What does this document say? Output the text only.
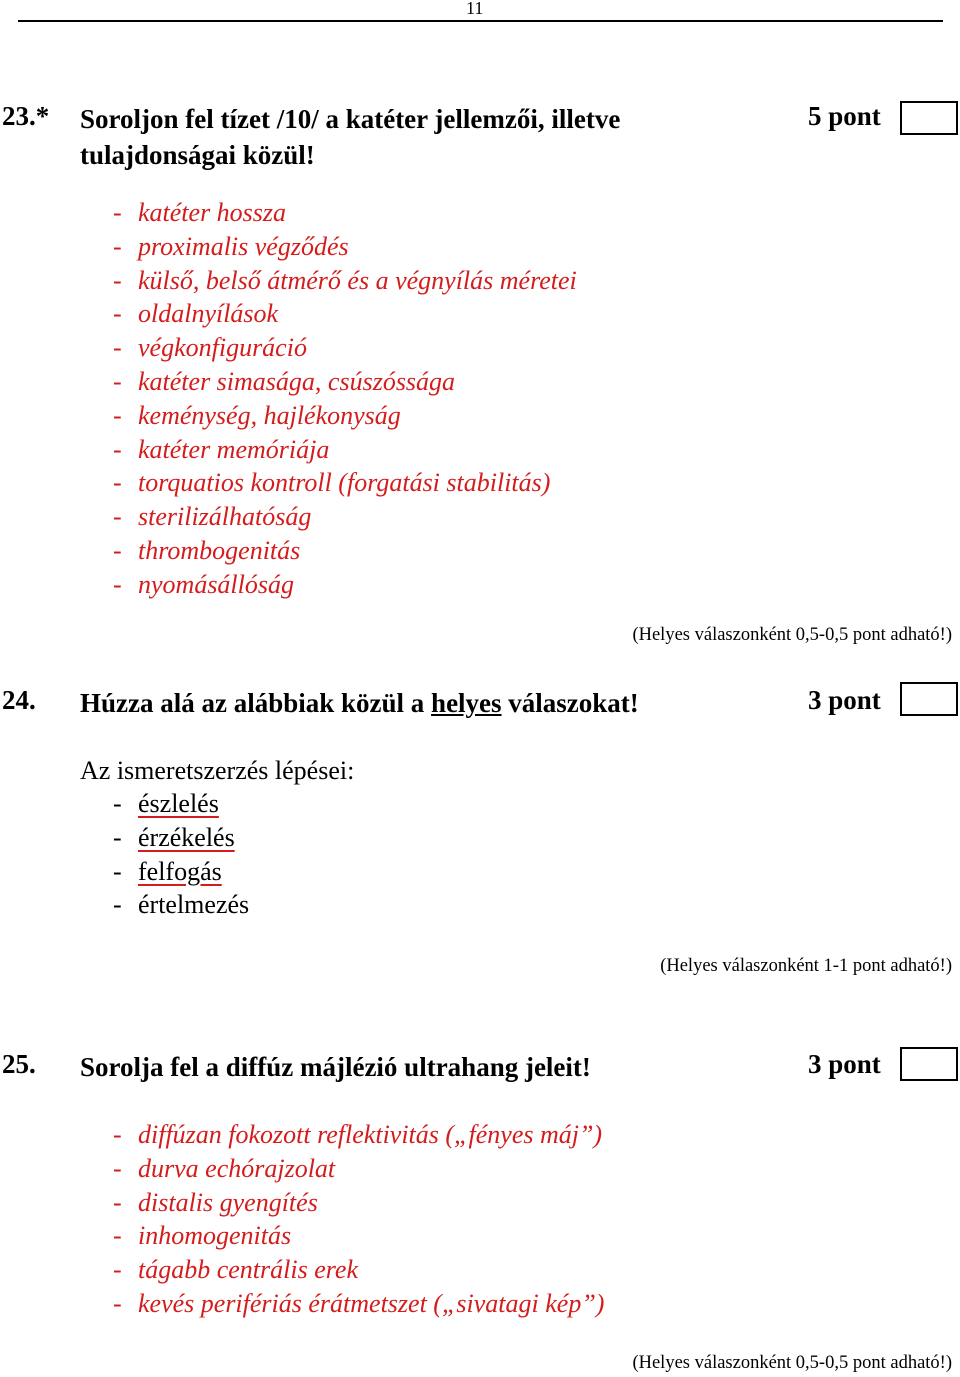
11
23.* Soroljon fel tízet /10/ a katéter jellemzői, illetve
tulajdonságai közül!
5 pont
- katéter hossza
- proximalis végződés
- külső, belső átmérő és a végnyílás méretei
- oldalnyílások
- végkonfiguráció
- katéter simasága, csúszóssága
- keménység, hajlékonyság
- katéter memóriája
- torquatios kontroll (forgatási stabilitás)
- sterilizálhatóság
- thrombogenitás
- nyomásállóság
(Helyes válaszonként 0,5-0,5 pont adható!)
24. Húzza alá az alábbiak közül a helyes válaszokat!	3 pont
Az ismeretszerzés lépései:
- észlelés
- érzékelés
- felfogás
- értelmezés
(Helyes válaszonként 1-1 pont adható!)
25. Sorolja fel a diffúz májlézió ultrahang jeleit!	3 pont
- diffúzan fokozott reflektivitás („fényes máj”)
- durva echórajzolat
- distalis gyengítés
- inhomogenitás
- tágabb centrális erek
- kevés perifériás érátmetszet („sivatagi kép”)
(Helyes válaszonként 0,5-0,5 pont adható!)
